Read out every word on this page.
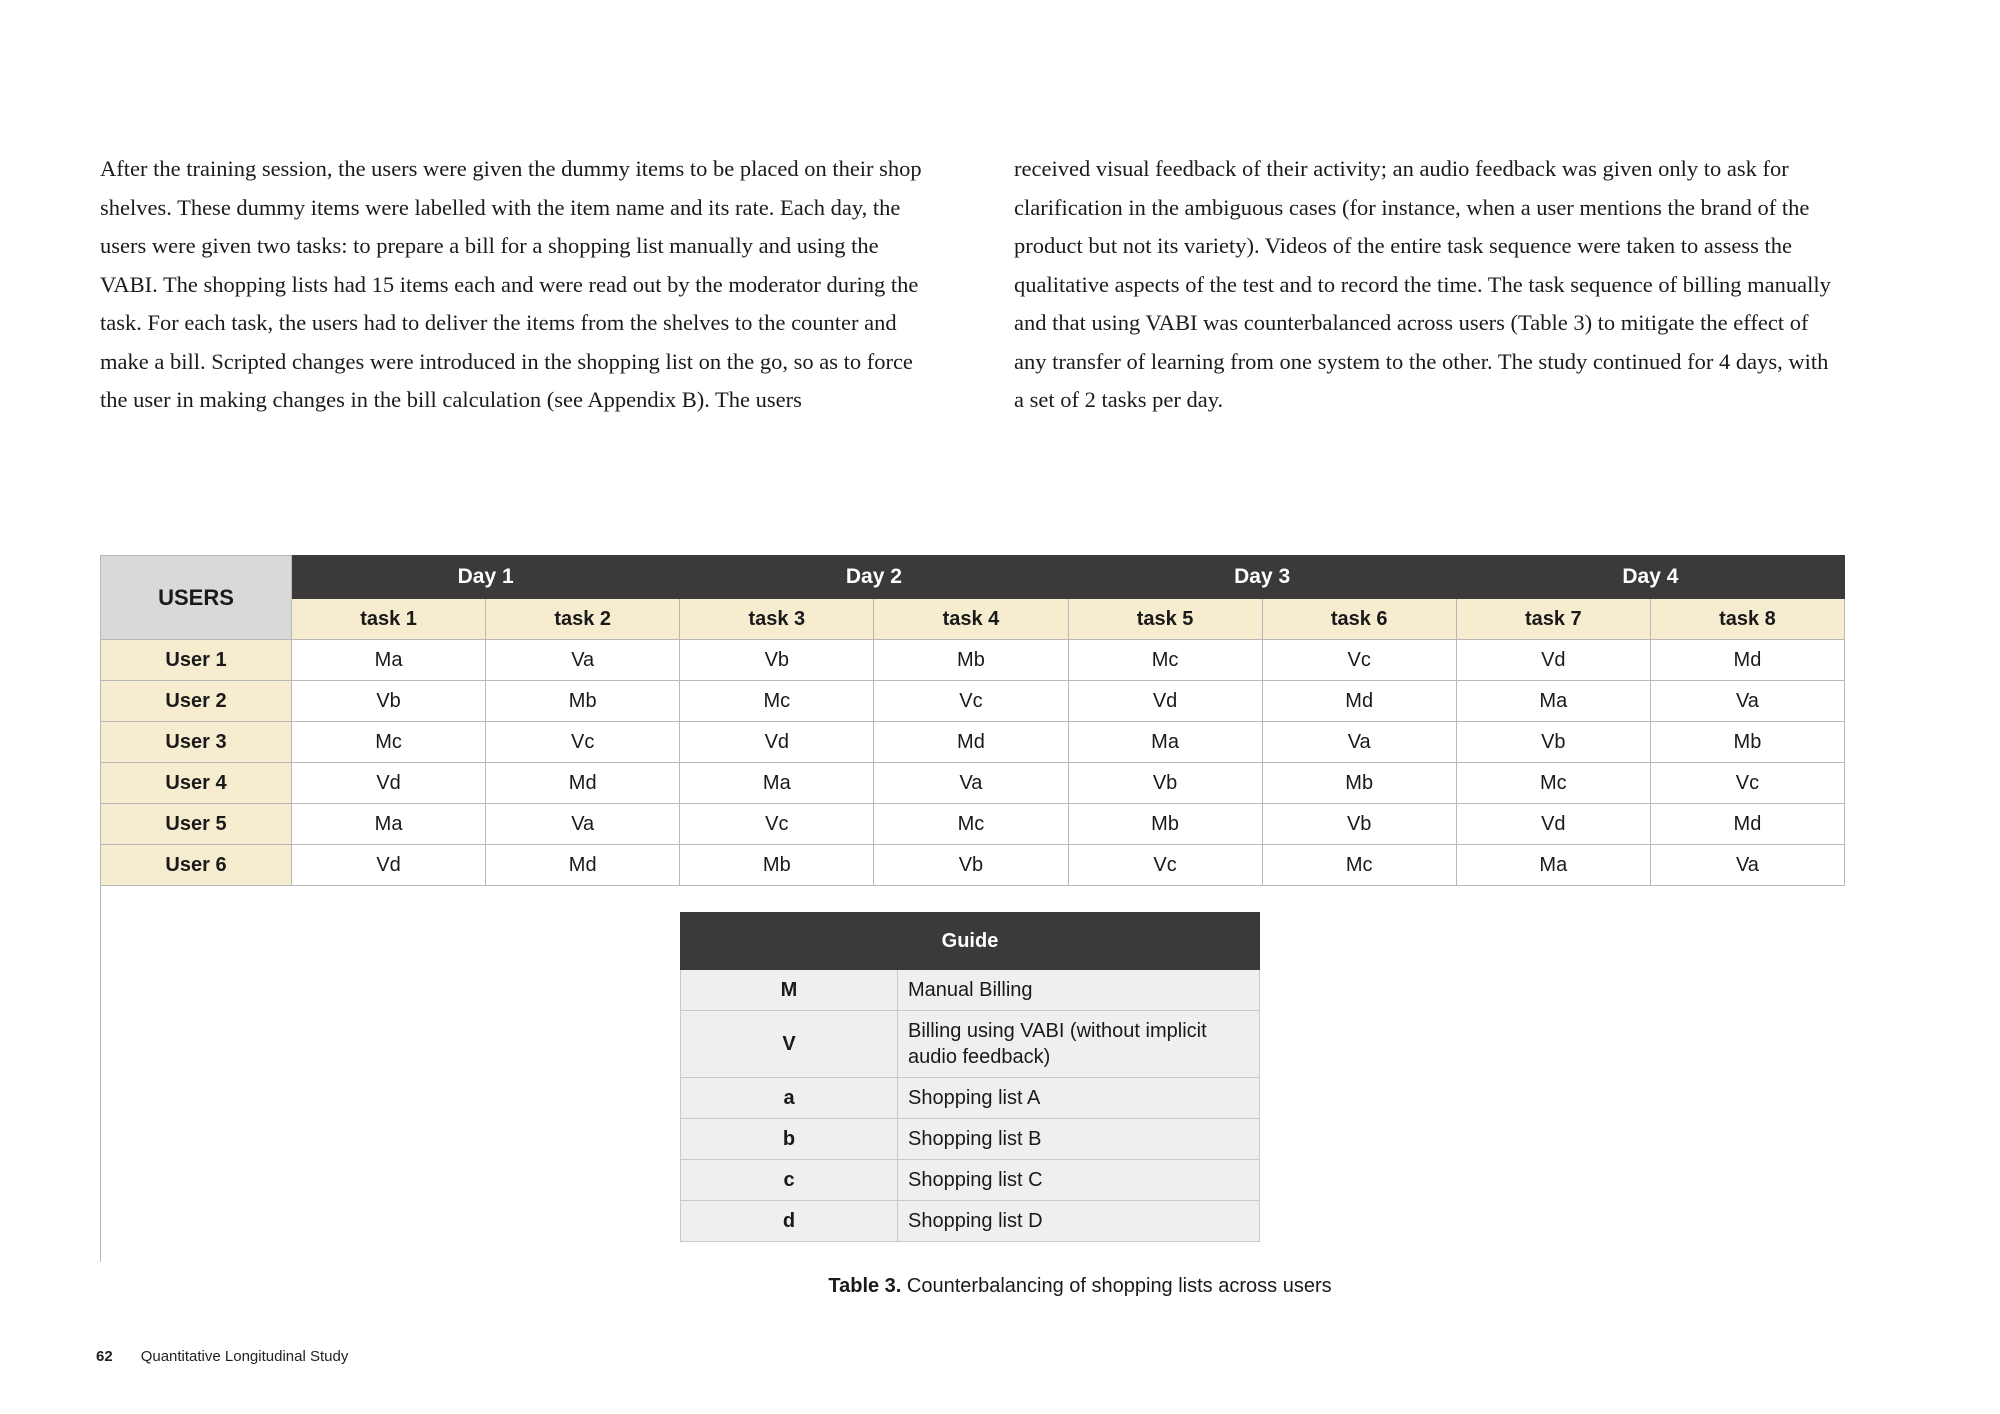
After the training session, the users were given the dummy items to be placed on their shop shelves. These dummy items were labelled with the item name and its rate. Each day, the users were given two tasks: to prepare a bill for a shopping list manually and using the VABI. The shopping lists had 15 items each and were read out by the moderator during the task. For each task, the users had to deliver the items from the shelves to the counter and make a bill. Scripted changes were introduced in the shopping list on the go, so as to force the user in making changes in the bill calculation (see Appendix B). The users

received visual feedback of their activity; an audio feedback was given only to ask for clarification in the ambiguous cases (for instance, when a user mentions the brand of the product but not its variety). Videos of the entire task sequence were taken to assess the qualitative aspects of the test and to record the time. The task sequence of billing manually and that using VABI was counterbalanced across users (Table 3) to mitigate the effect of any transfer of learning from one system to the other. The study continued for 4 days, with a set of 2 tasks per day.

USERS	Day 1		Day 2		Day 3		Day 4	
	task 1	task 2	task 3	task 4	task 5	task 6	task 7	task 8
User 1	Ma	Va	Vb	Mb	Mc	Vc	Vd	Md
User 2	Vb	Mb	Mc	Vc	Vd	Md	Ma	Va
User 3	Mc	Vc	Vd	Md	Ma	Va	Vb	Mb
User 4	Vd	Md	Ma	Va	Vb	Mb	Mc	Vc
User 5	Ma	Va	Vc	Mc	Mb	Vb	Vd	Md
User 6	Vd	Md	Mb	Vb	Vc	Mc	Ma	Va
Guide	
M	Manual Billing
V	Billing using VABI (without implicit audio feedback)
a	Shopping list A
b	Shopping list B
c	Shopping list C
d	Shopping list D
Table 3. Counterbalancing of shopping lists across users
62 Quantitative Longitudinal Study
